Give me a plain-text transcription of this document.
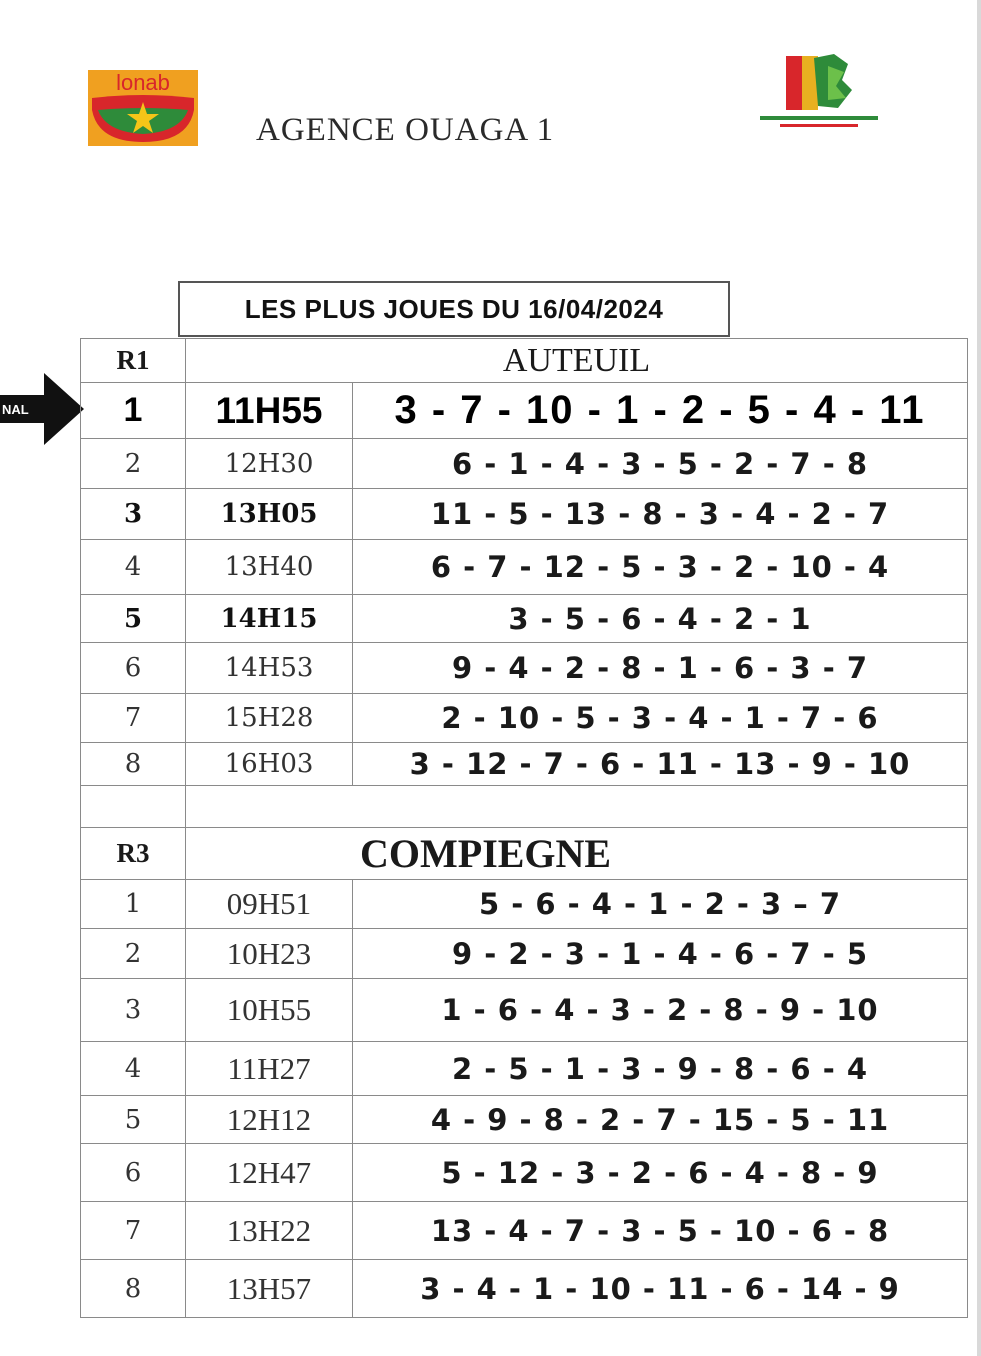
lonab
AGENCE OUAGA 1
LES PLUS JOUES DU 16/04/2024
NAL
R1	AUTEUIL	
1	11H55	3 - 7 - 10 - 1 - 2 - 5 - 4 - 11
2	12H30	6 - 1 - 4 - 3 - 5 - 2 - 7 - 8
3	13H05	11 - 5 - 13 - 8 - 3 - 4 - 2 - 7
4	13H40	6 - 7 - 12 - 5 - 3 - 2 - 10 - 4
5	14H15	3 - 5 - 6 - 4 - 2 - 1
6	14H53	9 - 4 - 2 - 8 - 1 - 6 - 3 - 7
7	15H28	2 - 10 - 5 - 3 - 4 - 1 - 7 - 6
8	16H03	3 - 12 - 7 - 6 - 11 - 13 - 9 - 10

R3	COMPIEGNE	
1	09H51	5 - 6 - 4 - 1 - 2 - 3 – 7
2	10H23	9 - 2 - 3 - 1 - 4 - 6 - 7 - 5
3	10H55	1 - 6 - 4 - 3 - 2 - 8 - 9 - 10
4	11H27	2 - 5 - 1 - 3 - 9 - 8 - 6 - 4
5	12H12	4 - 9 - 8 - 2 - 7 - 15 - 5 - 11
6	12H47	5 - 12 - 3 - 2 - 6 - 4 - 8 - 9
7	13H22	13 - 4 - 7 - 3 - 5 - 10 - 6 - 8
8	13H57	3 - 4 - 1 - 10 - 11 - 6 - 14 - 9
